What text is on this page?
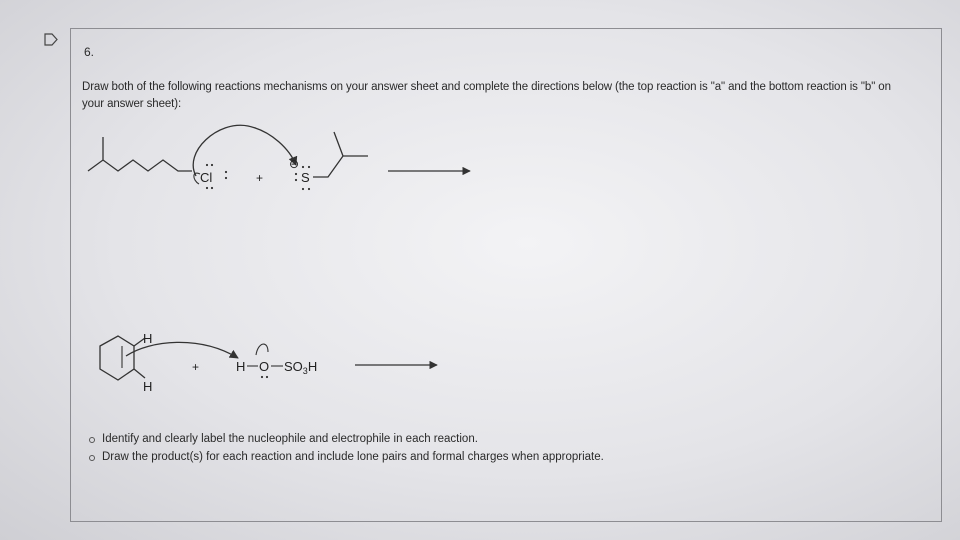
6.
Draw both of the following reactions mechanisms on your answer sheet and complete the directions below (the top reaction is "a" and the bottom reaction is "b" on your answer sheet):
Cl	+
⊖
S
H
H
+	H O $SO_3H$
Identify and clearly label the nucleophile and electrophile in each reaction.
Draw the product(s) for each reaction and include lone pairs and formal charges when appropriate.
